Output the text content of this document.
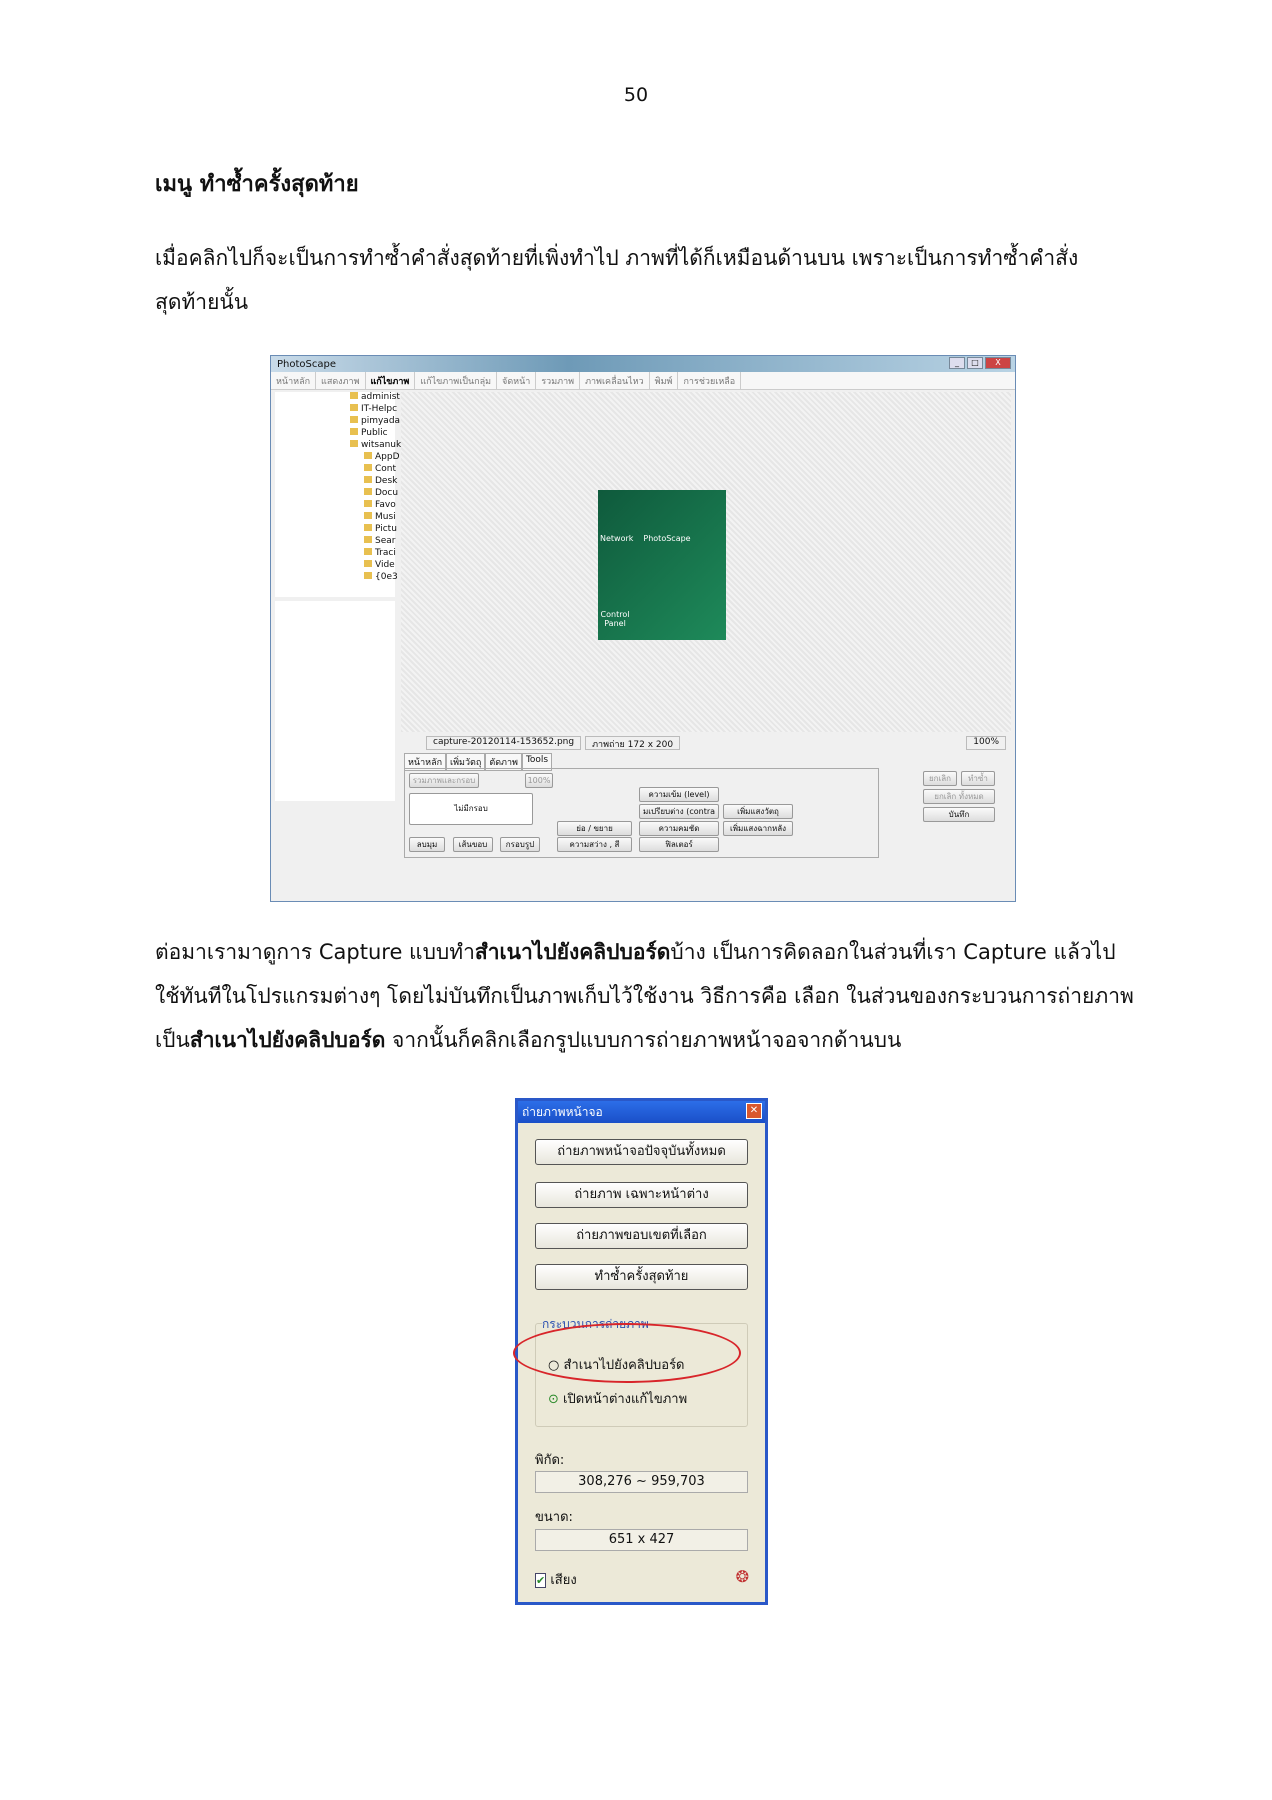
50
เมนู ทำซ้ำครั้งสุดท้าย
เมื่อคลิกไปก็จะเป็นการทำซ้ำคำสั่งสุดท้ายที่เพิ่งทำไป ภาพที่ได้ก็เหมือนด้านบน เพราะเป็นการทำซ้ำคำสั่งสุดท้ายนั้น
PhotoScape	_	□	X
หน้าหลัก	แสดงภาพ	แก้ไขภาพ	แก้ไขภาพเป็นกลุ่ม	จัดหน้า	รวมภาพ	ภาพเคลื่อนไหว	พิมพ์	การช่วยเหลือ
administ
IT-Helpc
pimyada
Public
witsanuk
AppD
Cont
Desk
Docu
Favo
Musi
Pictu
Sear
Traci
Vide
{0e3
Network PhotoScape
Control Panel
capture-20120114-153652.png	ภาพถ่าย 172 x 200	100%
หน้าหลัก เพิ่มวัตถุ ตัดภาพ Tools
รวมภาพและกรอบ	100%
ไม่มีกรอบ
ลบมุม	เส้นขอบ	กรอบรูป
ย่อ / ขยาย
ความสว่าง , สี
ความเข้ม (level)
มเปรียบต่าง (contra
ความคมชัด
ฟิลเตอร์
เพิ่มแสงวัตถุ
เพิ่มแสงฉากหลัง
ยกเลิก	ทำซ้ำ
ยกเลิก ทั้งหมด
บันทึก
ต่อมาเรามาดูการ Capture แบบทำสำเนาไปยังคลิปบอร์ดบ้าง เป็นการคิดลอกในส่วนที่เรา Capture แล้วไปใช้ทันทีในโปรแกรมต่างๆ โดยไม่บันทึกเป็นภาพเก็บไว้ใช้งาน วิธีการคือ เลือก ในส่วนของกระบวนการถ่ายภาพ เป็นสำเนาไปยังคลิปบอร์ด จากนั้นก็คลิกเลือกรูปแบบการถ่ายภาพหน้าจอจากด้านบน
ถ่ายภาพหน้าจอ	✕
ถ่ายภาพหน้าจอปัจจุบันทั้งหมด
ถ่ายภาพ เฉพาะหน้าต่าง
ถ่ายภาพขอบเขตที่เลือก
ทำซ้ำครั้งสุดท้าย
กระบวนการถ่ายภาพ
○ สำเนาไปยังคลิปบอร์ด
⊙ เปิดหน้าต่างแก้ไขภาพ
พิกัด:
308,276 ~ 959,703
ขนาด:
651 x 427
✔ เสียง	❂
